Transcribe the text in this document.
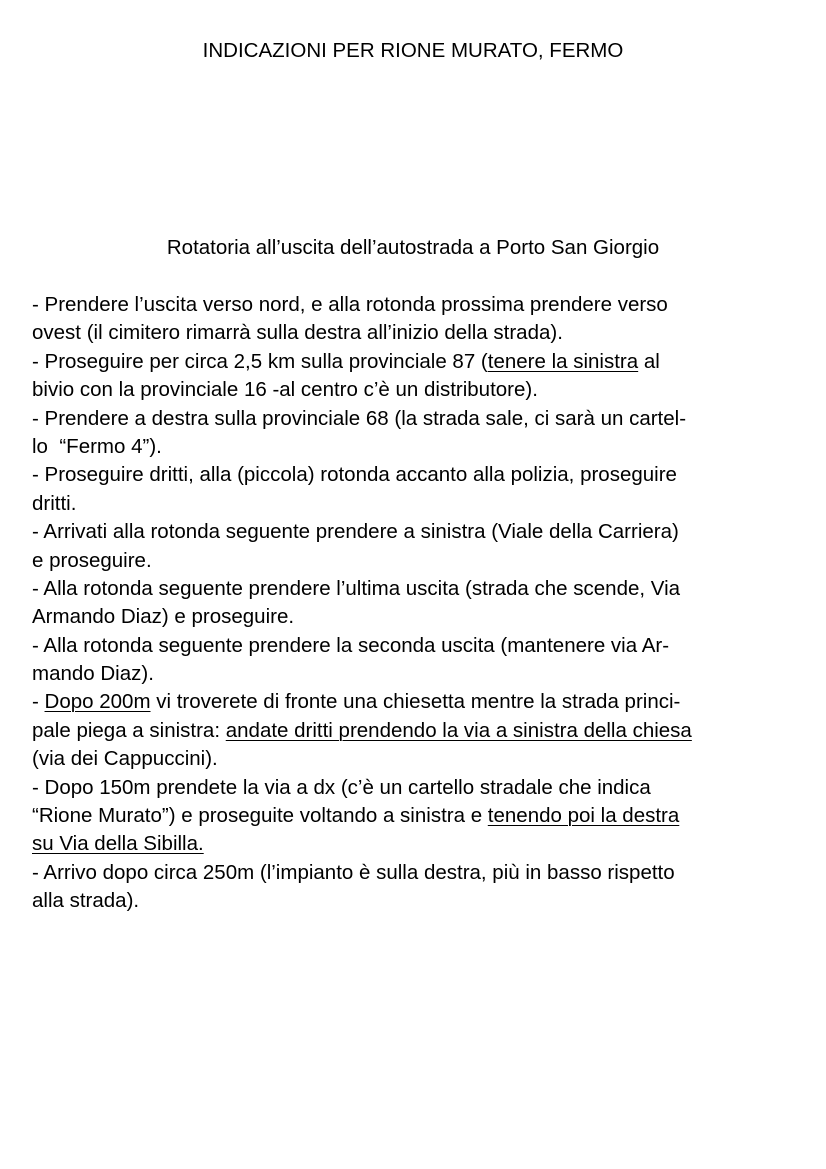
INDICAZIONI PER RIONE MURATO, FERMO
Rotatoria all’uscita dell’autostrada a Porto San Giorgio
- Prendere l’uscita verso nord, e alla rotonda prossima prendere verso
ovest (il cimitero rimarrà sulla destra all’inizio della strada).
- Proseguire per circa 2,5 km sulla provinciale 87 (tenere la sinistra al
bivio con la provinciale 16 -al centro c’è un distributore).
- Prendere a destra sulla provinciale 68 (la strada sale, ci sarà un cartel-
lo  “Fermo 4”).
- Proseguire dritti, alla (piccola) rotonda accanto alla polizia, proseguire
dritti.
- Arrivati alla rotonda seguente prendere a sinistra (Viale della Carriera)
e proseguire.
- Alla rotonda seguente prendere l’ultima uscita (strada che scende, Via
Armando Diaz) e proseguire.
- Alla rotonda seguente prendere la seconda uscita (mantenere via Ar-
mando Diaz).
- Dopo 200m vi troverete di fronte una chiesetta mentre la strada princi-
pale piega a sinistra: andate dritti prendendo la via a sinistra della chiesa
(via dei Cappuccini).
- Dopo 150m prendete la via a dx (c’è un cartello stradale che indica
“Rione Murato”) e proseguite voltando a sinistra e tenendo poi la destra
su Via della Sibilla.
- Arrivo dopo circa 250m (l’impianto è sulla destra, più in basso rispetto
alla strada).
